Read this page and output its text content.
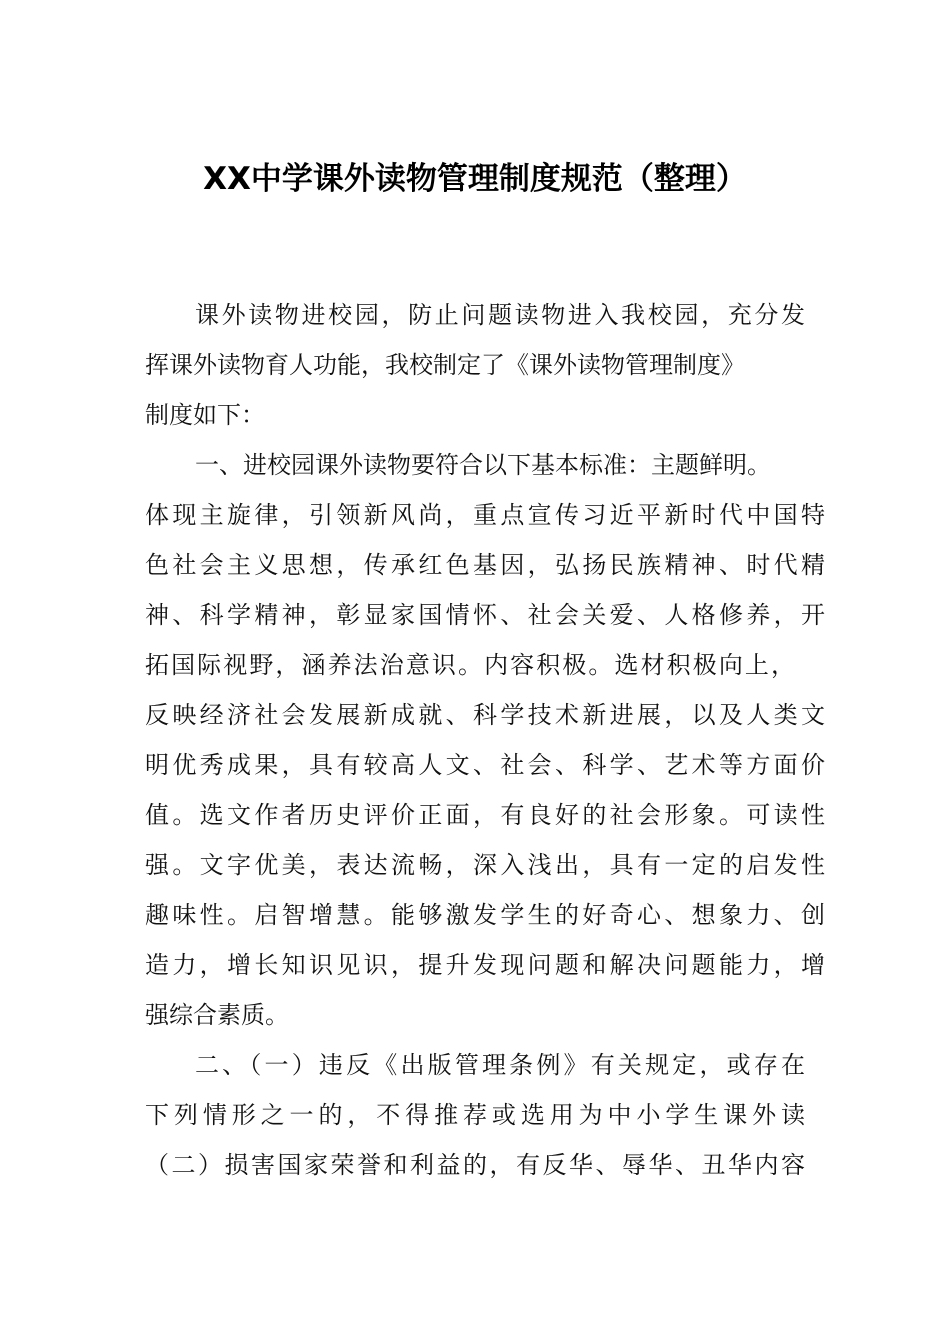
XX中学课外读物管理制度规范（整理）
课外读物进校园，防止问题读物进入我校园，充分发
挥课外读物育人功能，我校制定了《课外读物管理制度》
制度如下：
一、进校园课外读物要符合以下基本标准：主题鲜明。
体现主旋律，引领新风尚，重点宣传习近平新时代中国特
色社会主义思想，传承红色基因，弘扬民族精神、时代精
神、科学精神，彰显家国情怀、社会关爱、人格修养，开
拓国际视野，涵养法治意识。内容积极。选材积极向上，
反映经济社会发展新成就、科学技术新进展，以及人类文
明优秀成果，具有较高人文、社会、科学、艺术等方面价
值。选文作者历史评价正面，有良好的社会形象。可读性
强。文字优美，表达流畅，深入浅出，具有一定的启发性
趣味性。启智增慧。能够激发学生的好奇心、想象力、创
造力，增长知识见识，提升发现问题和解决问题能力，增
强综合素质。
二、（一）违反《出版管理条例》有关规定，或存在
下列情形之一的，不得推荐或选用为中小学生课外读
（二）损害国家荣誉和利益的，有反华、辱华、丑华内容
